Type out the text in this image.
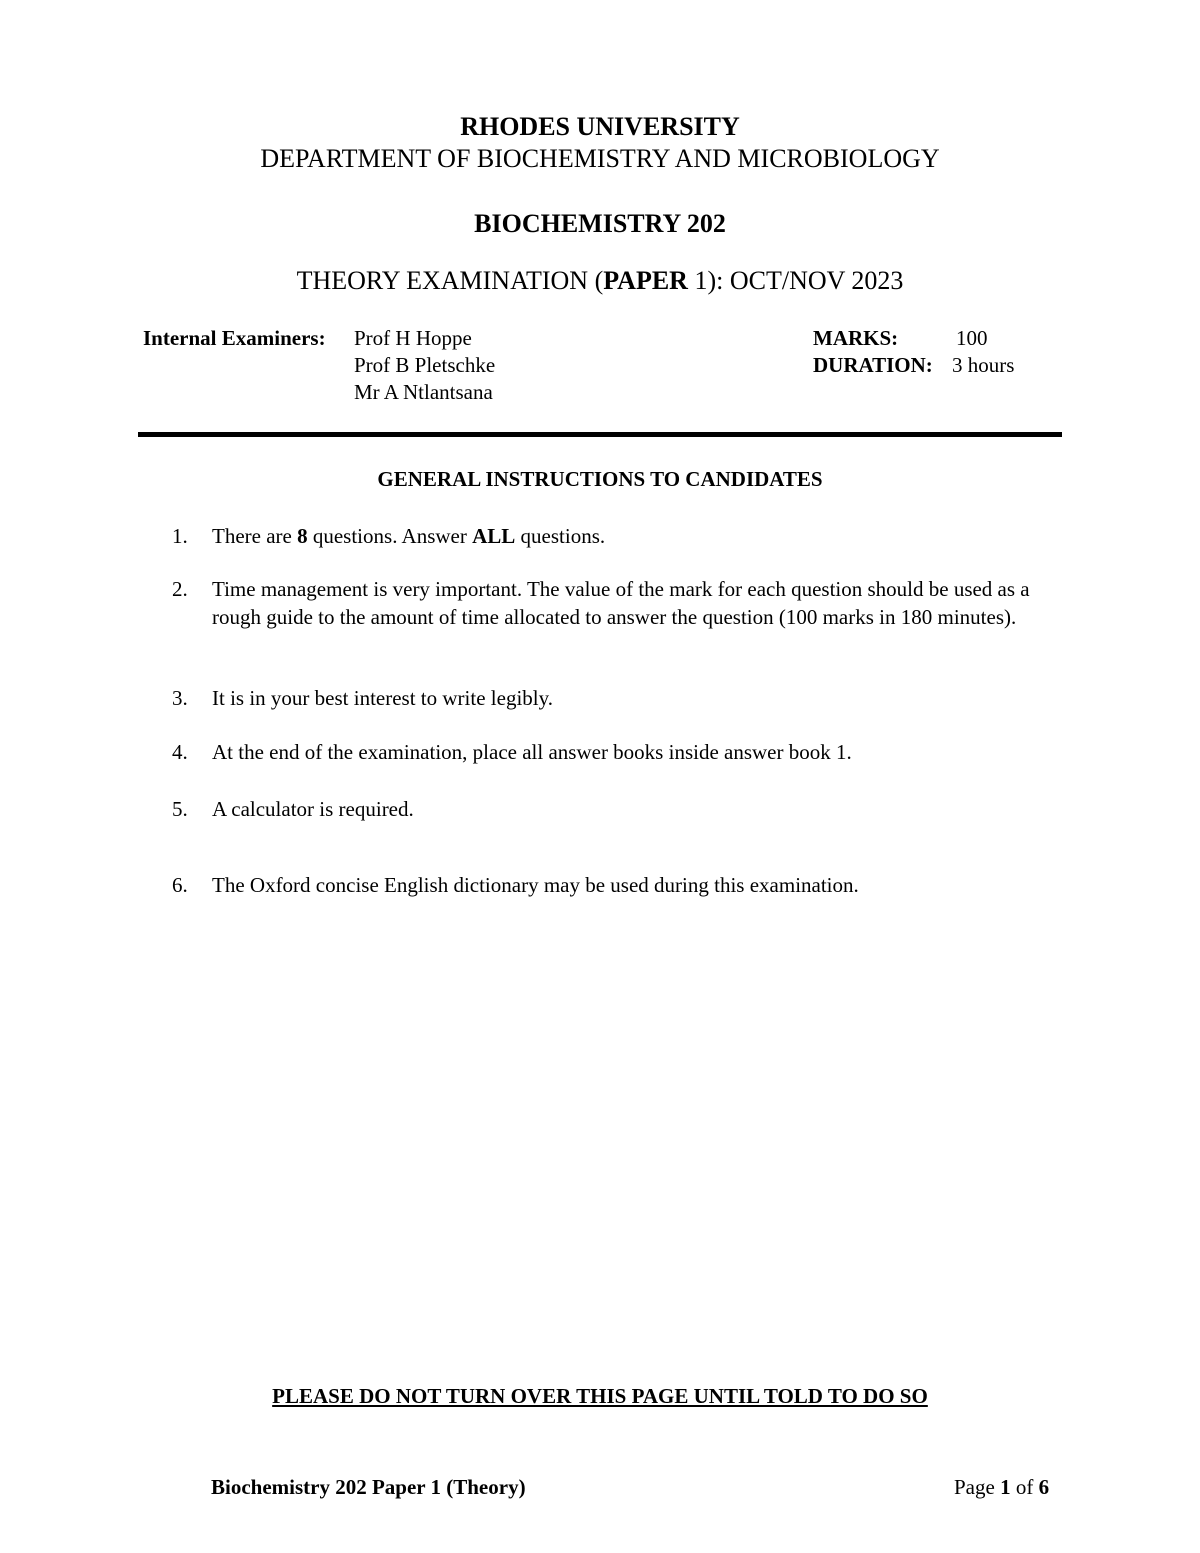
RHODES UNIVERSITY
DEPARTMENT OF BIOCHEMISTRY AND MICROBIOLOGY
BIOCHEMISTRY 202
THEORY EXAMINATION (PAPER 1): OCT/NOV 2023
Internal Examiners: Prof H Hoppe
Prof B Pletschke
Mr A Ntlantsana
MARKS:	100
DURATION: 3 hours
GENERAL INSTRUCTIONS TO CANDIDATES
1. There are 8 questions. Answer ALL questions.
2. Time management is very important. The value of the mark for each question should be used as a rough guide to the amount of time allocated to answer the question (100 marks in 180 minutes).
3. It is in your best interest to write legibly.
4. At the end of the examination, place all answer books inside answer book 1.
5. A calculator is required.
6. The Oxford concise English dictionary may be used during this examination.
PLEASE DO NOT TURN OVER THIS PAGE UNTIL TOLD TO DO SO
Biochemistry 202 Paper 1 (Theory)	Page 1 of 6
